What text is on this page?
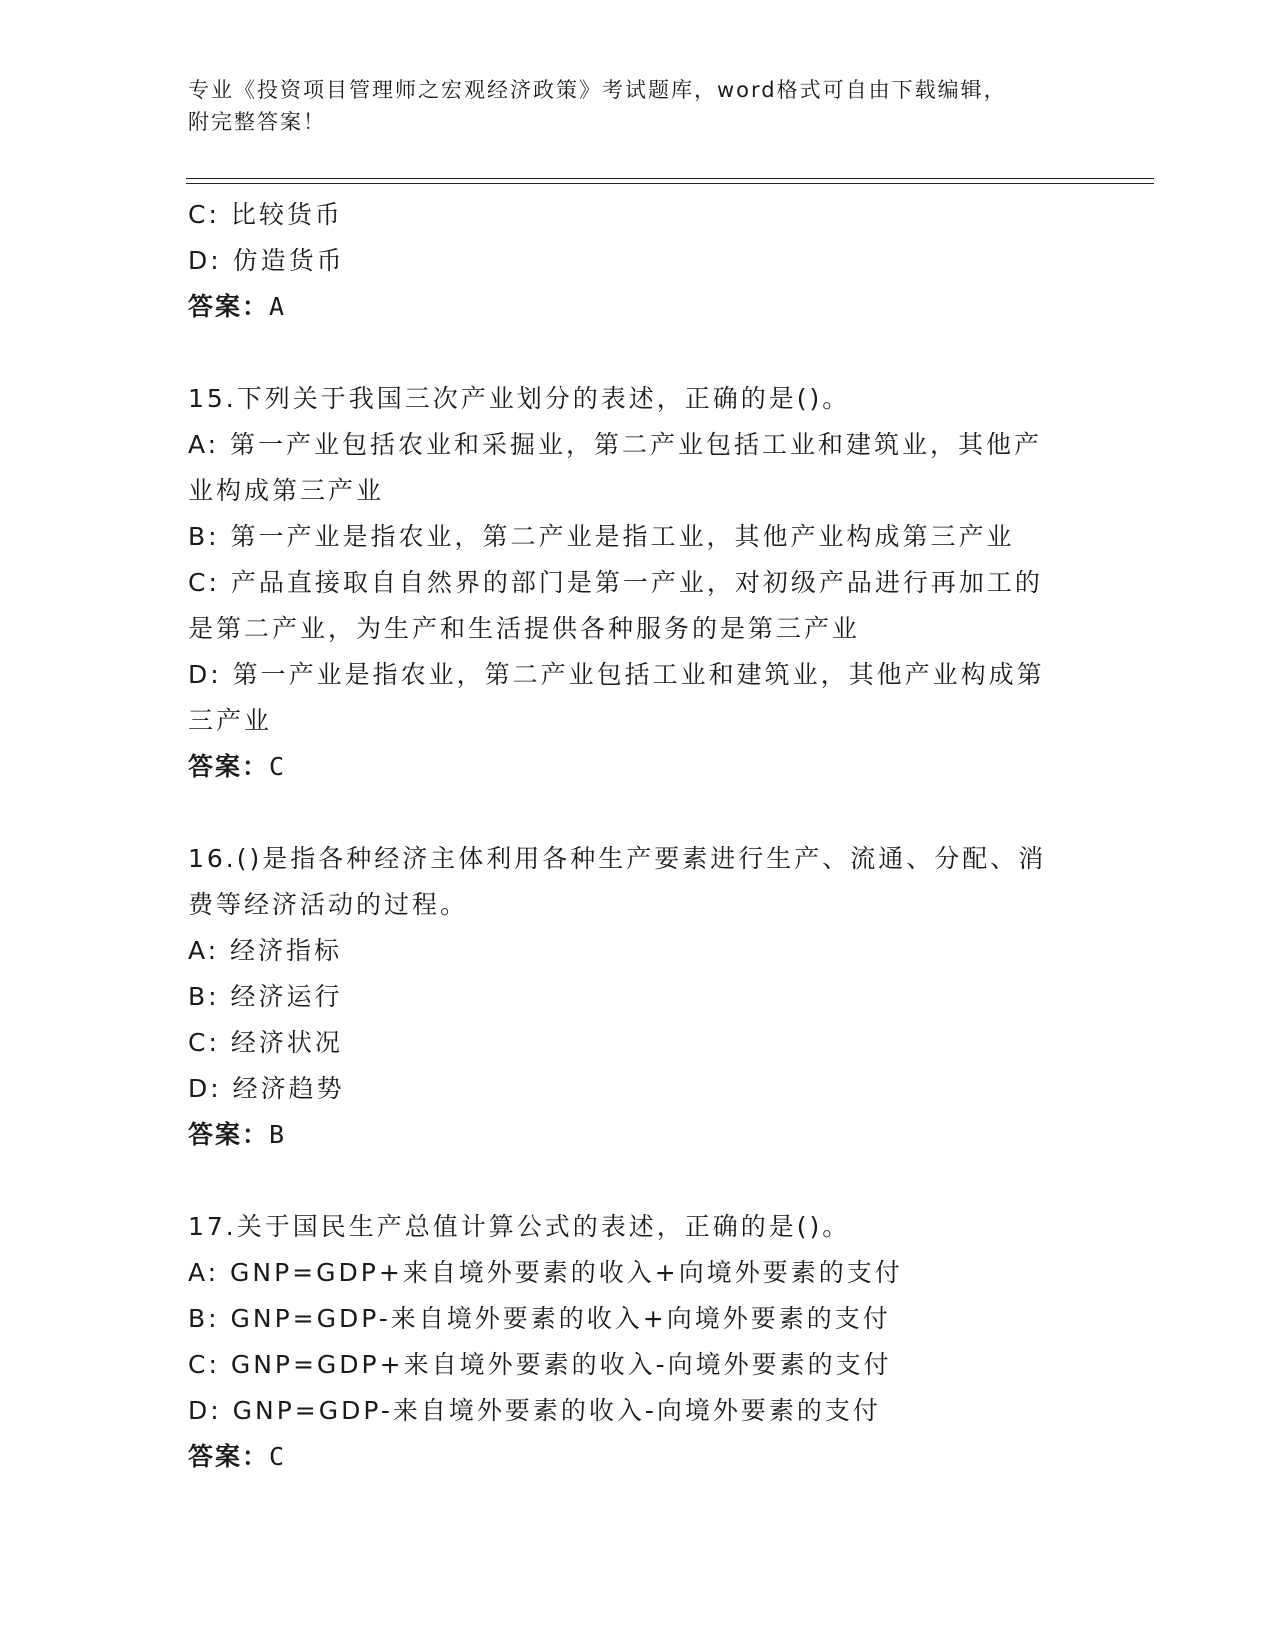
专业《投资项目管理师之宏观经济政策》考试题库，word格式可自由下载编辑，
附完整答案！
C: 比较货币
D: 仿造货币
答案：A
15.下列关于我国三次产业划分的表述，正确的是()。
A: 第一产业包括农业和采掘业，第二产业包括工业和建筑业，其他产
业构成第三产业
B: 第一产业是指农业，第二产业是指工业，其他产业构成第三产业
C: 产品直接取自自然界的部门是第一产业，对初级产品进行再加工的
是第二产业，为生产和生活提供各种服务的是第三产业
D: 第一产业是指农业，第二产业包括工业和建筑业，其他产业构成第
三产业
答案：C
16.()是指各种经济主体利用各种生产要素进行生产、流通、分配、消
费等经济活动的过程。
A: 经济指标
B: 经济运行
C: 经济状况
D: 经济趋势
答案：B
17.关于国民生产总值计算公式的表述，正确的是()。
A: GNP=GDP+来自境外要素的收入+向境外要素的支付
B: GNP=GDP-来自境外要素的收入+向境外要素的支付
C: GNP=GDP+来自境外要素的收入-向境外要素的支付
D: GNP=GDP-来自境外要素的收入-向境外要素的支付
答案：C
